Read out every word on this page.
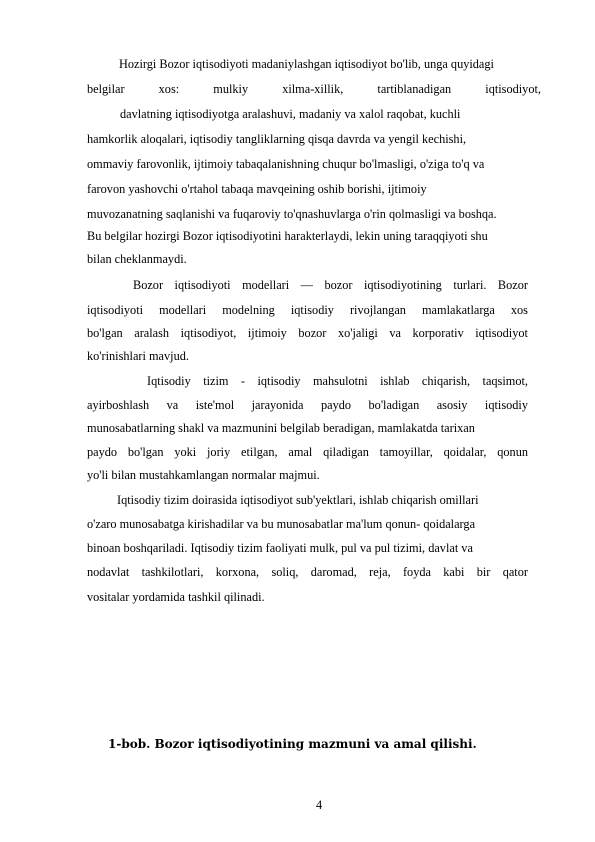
Hozirgi Bozor iqtisodiyoti madaniylashgan iqtisodiyot bo'lib, unga quyidagi
belgilar	xos:	mulkiy	xilma-xillik,	tartiblanadigan	iqtisodiyot,
davlatning iqtisodiyotga aralashuvi, madaniy va xalol raqobat, kuchli
hamkorlik aloqalari, iqtisodiy tangliklarning qisqa davrda va yengil kechishi,
ommaviy farovonlik, ijtimoiy tabaqalanishning chuqur bo'lmasligi, o'ziga to'q va
farovon yashovchi o'rtahol tabaqa mavqeining oshib borishi, ijtimoiy
muvozanatning saqlanishi va fuqaroviy to'qnashuvlarga o'rin qolmasligi va boshqa.
Bu belgilar hozirgi Bozor iqtisodiyotini harakterlaydi, lekin uning taraqqiyoti shu
bilan cheklanmaydi.
Bozor iqtisodiyoti modellari — bozor iqtisodiyotining turlari. Bozor
iqtisodiyoti modellari modelning iqtisodiy rivojlangan mamlakatlarga xos
bo'lgan aralash iqtisodiyot, ijtimoiy bozor xo'jaligi va korporativ iqtisodiyot
ko'rinishlari mavjud.
Iqtisodiy tizim - iqtisodiy mahsulotni ishlab chiqarish, taqsimot,
ayirboshlash va iste'mol jarayonida paydo bo'ladigan asosiy iqtisodiy
munosabatlarning shakl va mazmunini belgilab beradigan, mamlakatda tarixan
paydo bo'lgan yoki joriy etilgan, amal qiladigan tamoyillar, qoidalar, qonun
yo'li bilan mustahkamlangan normalar majmui.
Iqtisodiy tizim doirasida iqtisodiyot sub'yektlari, ishlab chiqarish omillari
o'zaro munosabatga kirishadilar va bu munosabatlar ma'lum qonun- qoidalarga
binoan boshqariladi. Iqtisodiy tizim faoliyati mulk, pul va pul tizimi, davlat va
nodavlat tashkilotlari, korxona, soliq, daromad, reja, foyda kabi bir qator
vositalar yordamida tashkil qilinadi.
1-bob. Bozor iqtisodiyotining mazmuni va amal qilishi.
4
